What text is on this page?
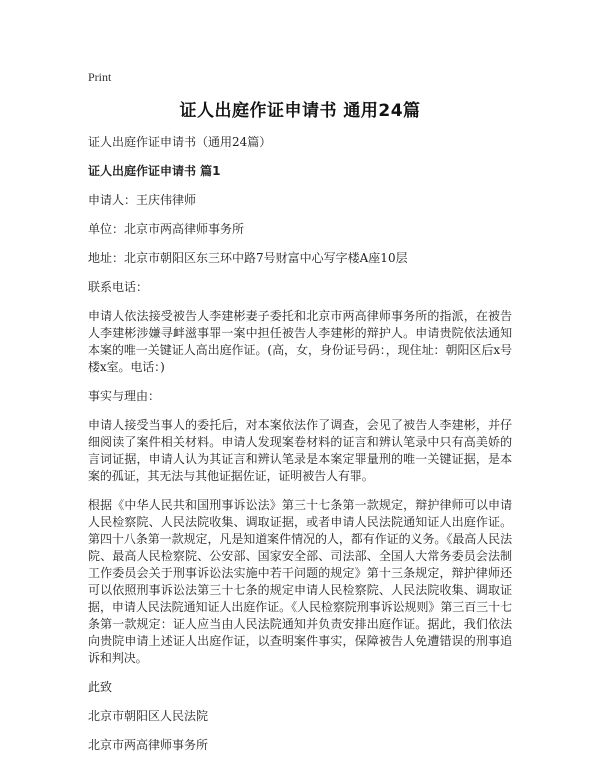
Print
证人出庭作证申请书 通用24篇

证人出庭作证申请书（通用24篇）

证人出庭作证申请书 篇1

申请人：王庆伟律师

单位：北京市两高律师事务所

地址：北京市朝阳区东三环中路7号财富中心写字楼A座10层

联系电话：

申请人依法接受被告人李建彬妻子委托和北京市两高律师事务所的指派，在被告人李建彬涉嫌寻衅滋事罪一案中担任被告人李建彬的辩护人。申请贵院依法通知本案的唯一关键证人高出庭作证。(高，女，身份证号码：，现住址：朝阳区后x号楼x室。电话：)

事实与理由：

申请人接受当事人的委托后，对本案依法作了调查，会见了被告人李建彬，并仔细阅读了案件相关材料。申请人发现案卷材料的证言和辨认笔录中只有高美娇的言词证据，申请人认为其证言和辨认笔录是本案定罪量刑的唯一关键证据，是本案的孤证，其无法与其他证据佐证，证明被告人有罪。

根据《中华人民共和国刑事诉讼法》第三十七条第一款规定，辩护律师可以申请人民检察院、人民法院收集、调取证据，或者申请人民法院通知证人出庭作证。第四十八条第一款规定，凡是知道案件情况的人，都有作证的义务。《最高人民法院、最高人民检察院、公安部、国家安全部、司法部、全国人大常务委员会法制工作委员会关于刑事诉讼法实施中若干问题的规定》第十三条规定，辩护律师还可以依照刑事诉讼法第三十七条的规定申请人民检察院、人民法院收集、调取证据，申请人民法院通知证人出庭作证。《人民检察院刑事诉讼规则》第三百三十七条第一款规定：证人应当由人民法院通知并负责安排出庭作证。据此，我们依法向贵院申请上述证人出庭作证，以查明案件事实，保障被告人免遭错误的刑事追诉和判决。

此致

北京市朝阳区人民法院

北京市两高律师事务所
